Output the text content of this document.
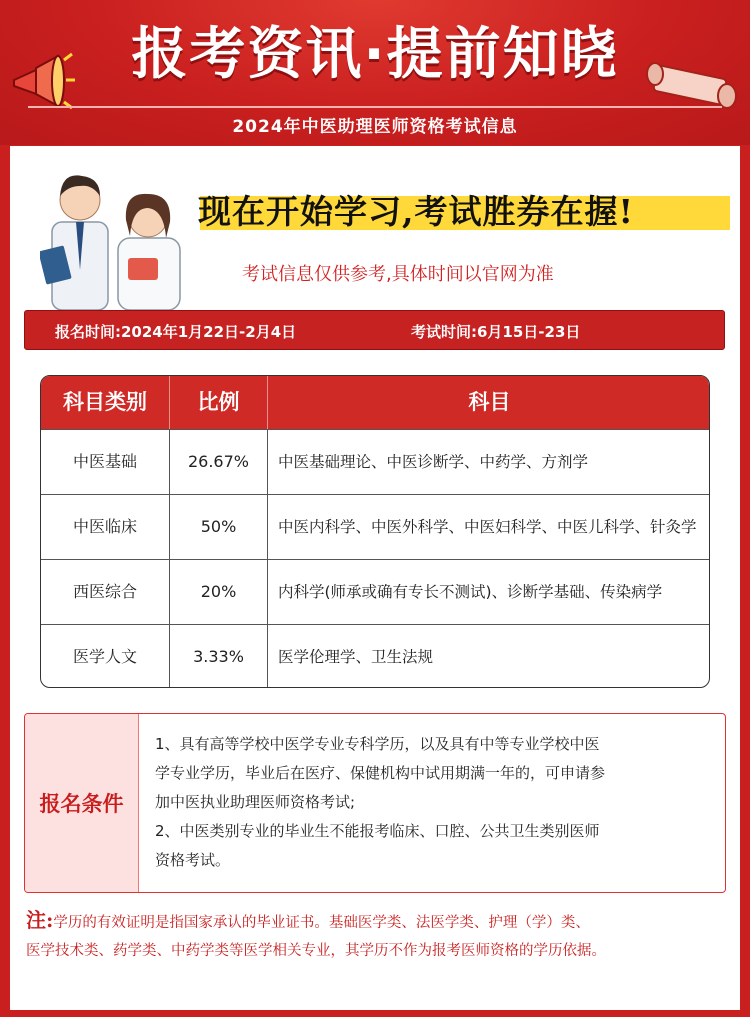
报考资讯·提前知晓
2024年中医助理医师资格考试信息
现在开始学习,考试胜券在握!
考试信息仅供参考,具体时间以官网为准
报名时间:2024年1月22日-2月4日	考试时间:6月15日-23日
科目类别	比例	科目
中医基础	26.67%	中医基础理论、中医诊断学、中药学、方剂学
中医临床	50%	中医内科学、中医外科学、中医妇科学、中医儿科学、针灸学
西医综合	20%	内科学(师承或确有专长不测试)、诊断学基础、传染病学
医学人文	3.33%	医学伦理学、卫生法规
报名条件

1、具有高等学校中医学专业专科学历，以及具有中等专业学校中医

学专业学历，毕业后在医疗、保健机构中试用期满一年的，可申请参

加中医执业助理医师资格考试;

2、中医类别专业的毕业生不能报考临床、口腔、公共卫生类别医师

资格考试。

注:学历的有效证明是指国家承认的毕业证书。基础医学类、法医学类、护理（学）类、
医学技术类、药学类、中药学类等医学相关专业，其学历不作为报考医师资格的学历依据。
